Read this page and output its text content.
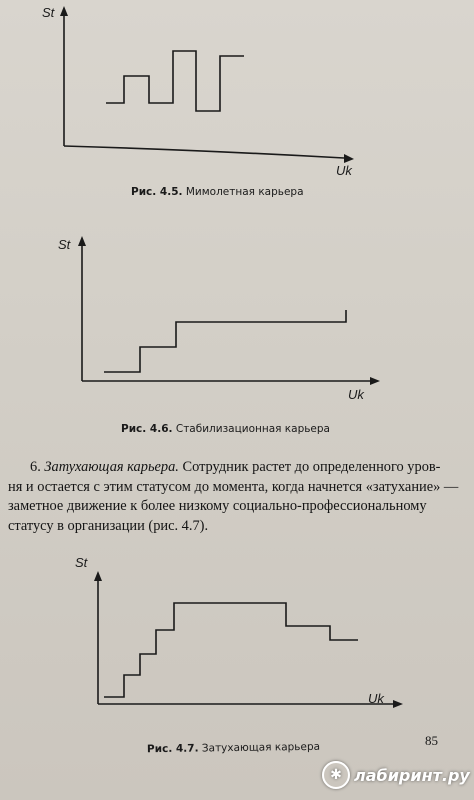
St
Uk
Рис. 4.5. Мимолетная карьера
St
Uk
Рис. 4.6. Стабилизационная карьера
6. Затухающая карьера. Сотрудник растет до определенного уров-
ня и остается с этим статусом до момента, когда начнется «затухание» —
заметное движение к более низкому социально-профессиональному
статусу в организации (рис. 4.7).
St
Uk
Рис. 4.7. Затухающая карьера	85
✱ лабиринт.ру
